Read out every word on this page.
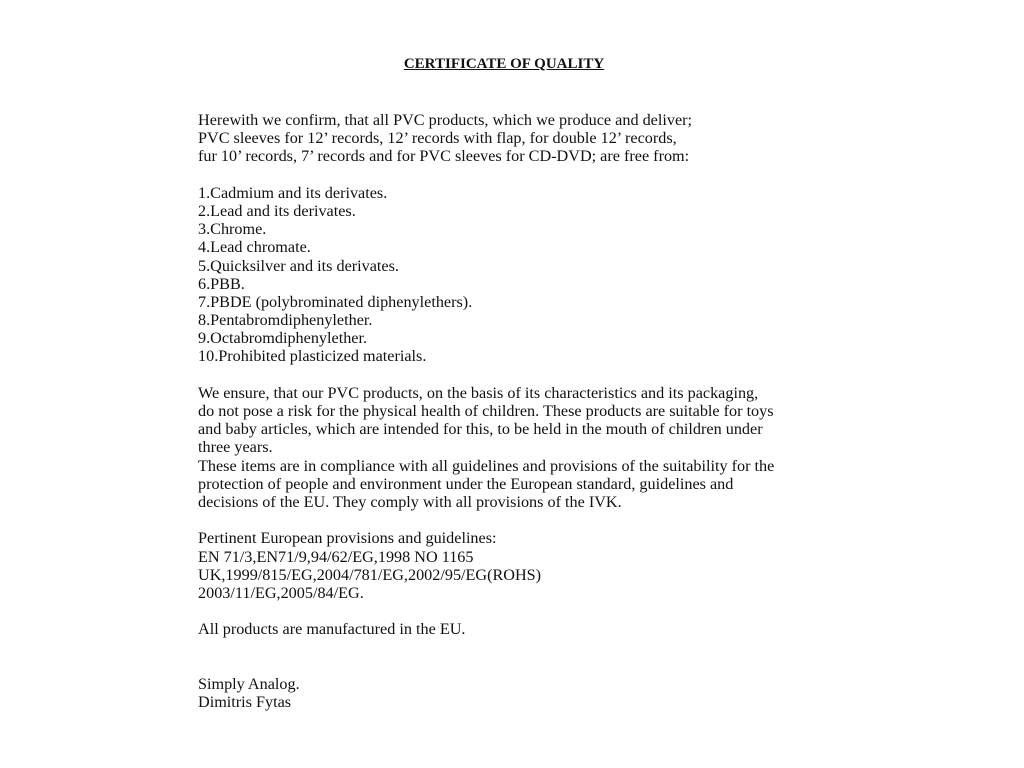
CERTIFICATE OF QUALITY
Herewith we confirm, that all PVC products, which we produce and deliver;
PVC sleeves for 12’ records, 12’ records with flap, for double 12’ records,
fur 10’ records, 7’ records and for PVC sleeves for CD-DVD; are free from:
1.Cadmium and its derivates.
2.Lead and its derivates.
3.Chrome.
4.Lead chromate.
5.Quicksilver and its derivates.
6.PBB.
7.PBDE (polybrominated diphenylethers).
8.Pentabromdiphenylether.
9.Octabromdiphenylether.
10.Prohibited plasticized materials.
We ensure, that our PVC products, on the basis of its characteristics and its packaging,
do not pose a risk for the physical health of children. These products are suitable for toys
and baby articles, which are intended for this, to be held in the mouth of children under
three years.
These items are in compliance with all guidelines and provisions of the suitability for the
protection of people and environment under the European standard, guidelines and
decisions of the EU. They comply with all provisions of the IVK.
Pertinent European provisions and guidelines:
EN 71/3,EN71/9,94/62/EG,1998 NO 1165
UK,1999/815/EG,2004/781/EG,2002/95/EG(ROHS)
2003/11/EG,2005/84/EG.
All products are manufactured in the EU.
Simply Analog.
Dimitris Fytas
